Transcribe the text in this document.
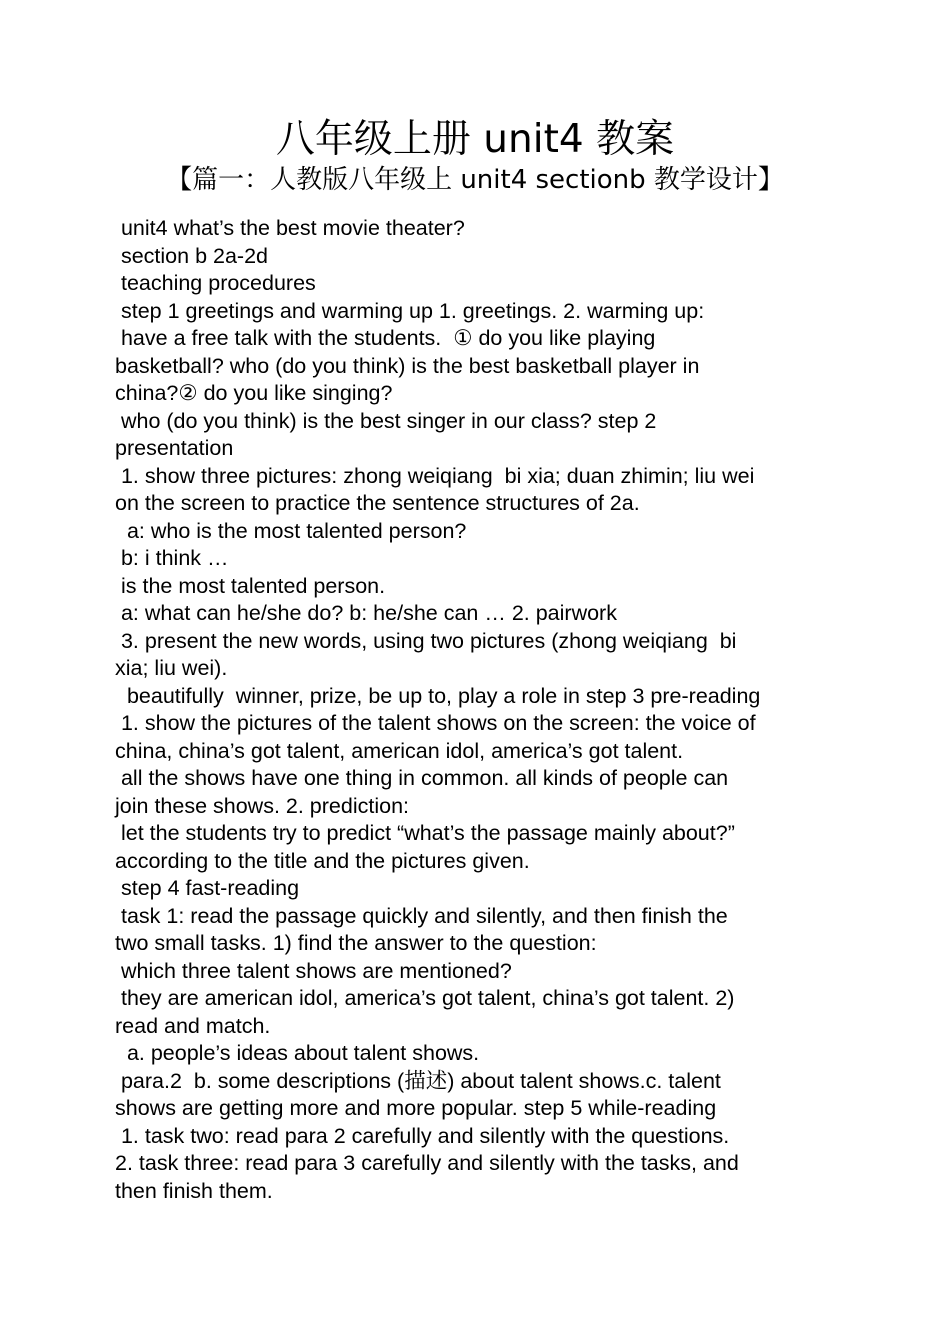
八年级上册 unit4 教案
【篇一：人教版八年级上 unit4 sectionb 教学设计】
unit4 what’s the best movie theater?
section b 2a-2d
teaching procedures
step 1 greetings and warming up 1. greetings. 2. warming up:
have a free talk with the students.  ① do you like playing
basketball? who (do you think) is the best basketball player in
china?② do you like singing?
who (do you think) is the best singer in our class? step 2
presentation
1. show three pictures: zhong weiqiang  bi xia; duan zhimin; liu wei
on the screen to practice the sentence structures of 2a.
a: who is the most talented person?
b: i think …
is the most talented person.
a: what can he/she do? b: he/she can … 2. pairwork
3. present the new words, using two pictures (zhong weiqiang  bi
xia; liu wei).
beautifully  winner, prize, be up to, play a role in step 3 pre-reading
1. show the pictures of the talent shows on the screen: the voice of
china, china’s got talent, american idol, america’s got talent.
all the shows have one thing in common. all kinds of people can
join these shows. 2. prediction:
let the students try to predict “what’s the passage mainly about?”
according to the title and the pictures given.
step 4 fast-reading
task 1: read the passage quickly and silently, and then finish the
two small tasks. 1) find the answer to the question:
which three talent shows are mentioned?
they are american idol, america’s got talent, china’s got talent. 2)
read and match.
a. people’s ideas about talent shows.
para.2  b. some descriptions (描述) about talent shows.c. talent
shows are getting more and more popular. step 5 while-reading
1. task two: read para 2 carefully and silently with the questions.
2. task three: read para 3 carefully and silently with the tasks, and
then finish them.
